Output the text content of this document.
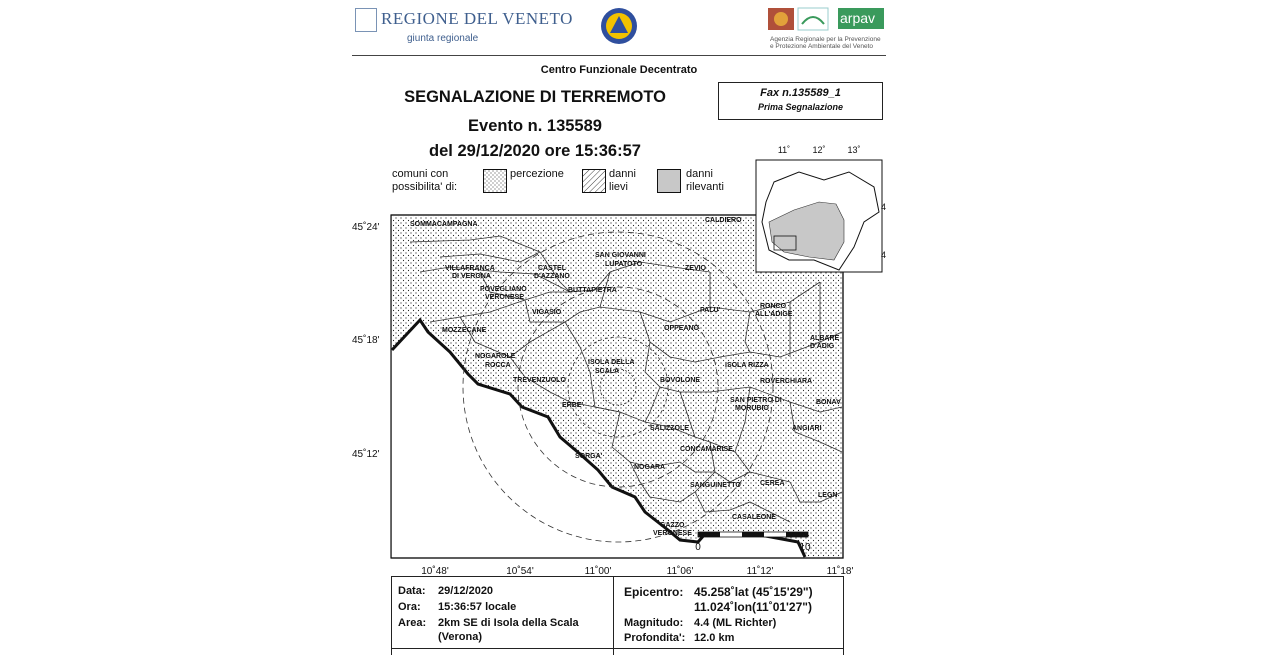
REGIONE DEL VENETO
giunta regionale
arpav
Agenzia Regionale per la Prevenzione
e Protezione Ambientale del Veneto
Centro Funzionale Decentrato
SEGNALAZIONE DI TERREMOTO
Evento n. 135589
del 29/12/2020 ore 15:36:57
Fax n.135589_1
Prima Segnalazione
comuni con
possibilita' di:
percezione	danni
lievi
danni
rilevanti
SOMMACAMPAGNA
CALDIERO
VILLAFRANCA
DI VERONA
CASTEL
D'AZZANO
SAN GIOVANNI
LUPATOTO
ZEVIO
POVEGLIANO
VERONESE
BUTTAPIETRA
VIGASIO	PALU'
RONCO
ALL'ADIGE
MOZZECANE	OPPEANO
ALBARE
D'ADIG
NOGAROLE
ROCCA	ISOLA DELLA
SCALA
ISOLA RIZZA
TREVENZUOLO	BOVOLONE	ROVERCHIARA
ERBE'
SAN PIETRO DI
MORUBIO
BONAV
SALIZZOLE	ANGIARI
SORGA'
CONCAMARISE
NOGARA
SANGUINETTO	CEREA
LEGN
GAZZO
VERONESE
CASALEONE
45˚24'
45˚18'
45˚12'
10˚48'	10˚54'	11˚00'	11˚06'	11˚12'	11˚18'
0	10
11˚ 12˚ 13˚
4
4
Data: 29/12/2020
Ora: 15:36:57 locale
Area: 2km SE di Isola della Scala
(Verona)
Epicentro: 45.258˚lat (45˚15'29")
11.024˚lon(11˚01'27")
Magnitudo: 4.4 (ML Richter)
Profondita': 12.0 km
